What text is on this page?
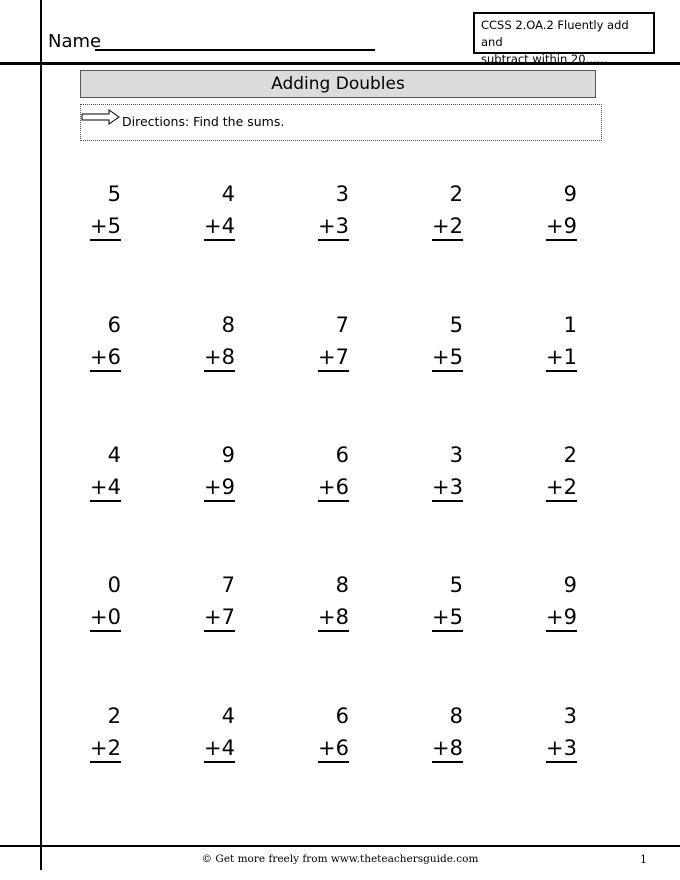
Name
CCSS 2.OA.2 Fluently add and
subtract within 20......
Adding Doubles
Directions: Find the sums.
5
+5
4
+4
3
+3
2
+2
9
+9
6
+6
8
+8
7
+7
5
+5
1
+1
4
+4
9
+9
6
+6
3
+3
2
+2
0
+0
7
+7
8
+8
5
+5
9
+9
2
+2
4
+4
6
+6
8
+8
3
+3
© Get more freely from www.theteachersguide.com	1
